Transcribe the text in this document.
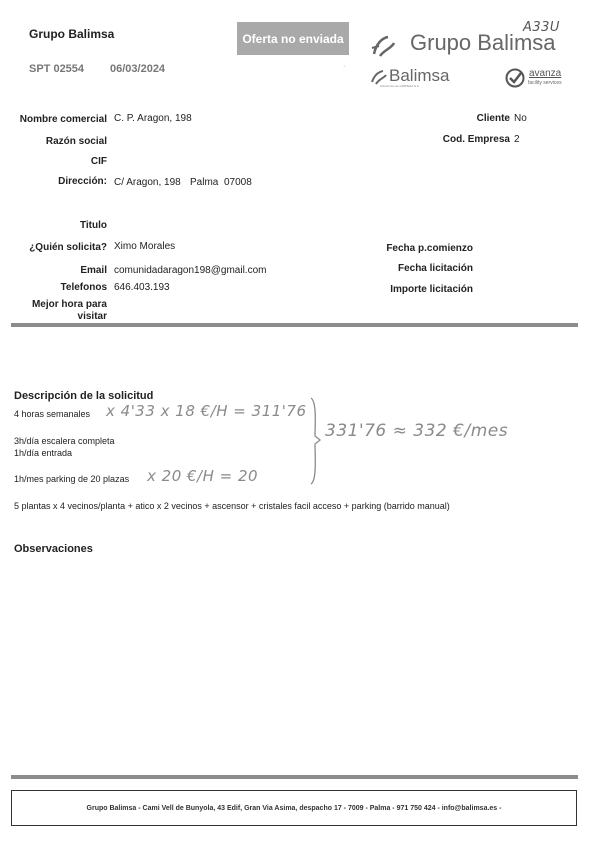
Grupo Balimsa
SPT 02554 06/03/2024
Oferta no enviada
·
Grupo Balimsa
A33U
Balimsa
Soluciones de LIMPIEZA S.A.
avanza
facility services
Nombre comercial C. P. Aragon, 198
Razón social
CIF
Dirección: C/ Aragon, 198 Palma 07008
Cliente No
Cod. Empresa 2
Titulo
¿Quién solicita? Ximo Morales
Email comunidadaragon198@gmail.com
Telefonos 646.403.193
Mejor hora para
visitar
Fecha p.comienzo
Fecha licitación
Importe licitación
Descripción de la solicitud
4 horas semanales
3h/día escalera completa
1h/día entrada
1h/mes parking de 20 plazas
5 plantas x 4 vecinos/planta + atico x 2 vecinos + ascensor + cristales facil acceso + parking (barrido manual)
x 4'33 x 18 €/H = 311'76
331'76 ≈ 332 €/mes
x 20 €/H = 20
Observaciones
Grupo Balimsa - Cami Vell de Bunyola, 43 Edif, Gran Via Asima, despacho 17 - 7009 - Palma - 971 750 424 - info@balimsa.es -
